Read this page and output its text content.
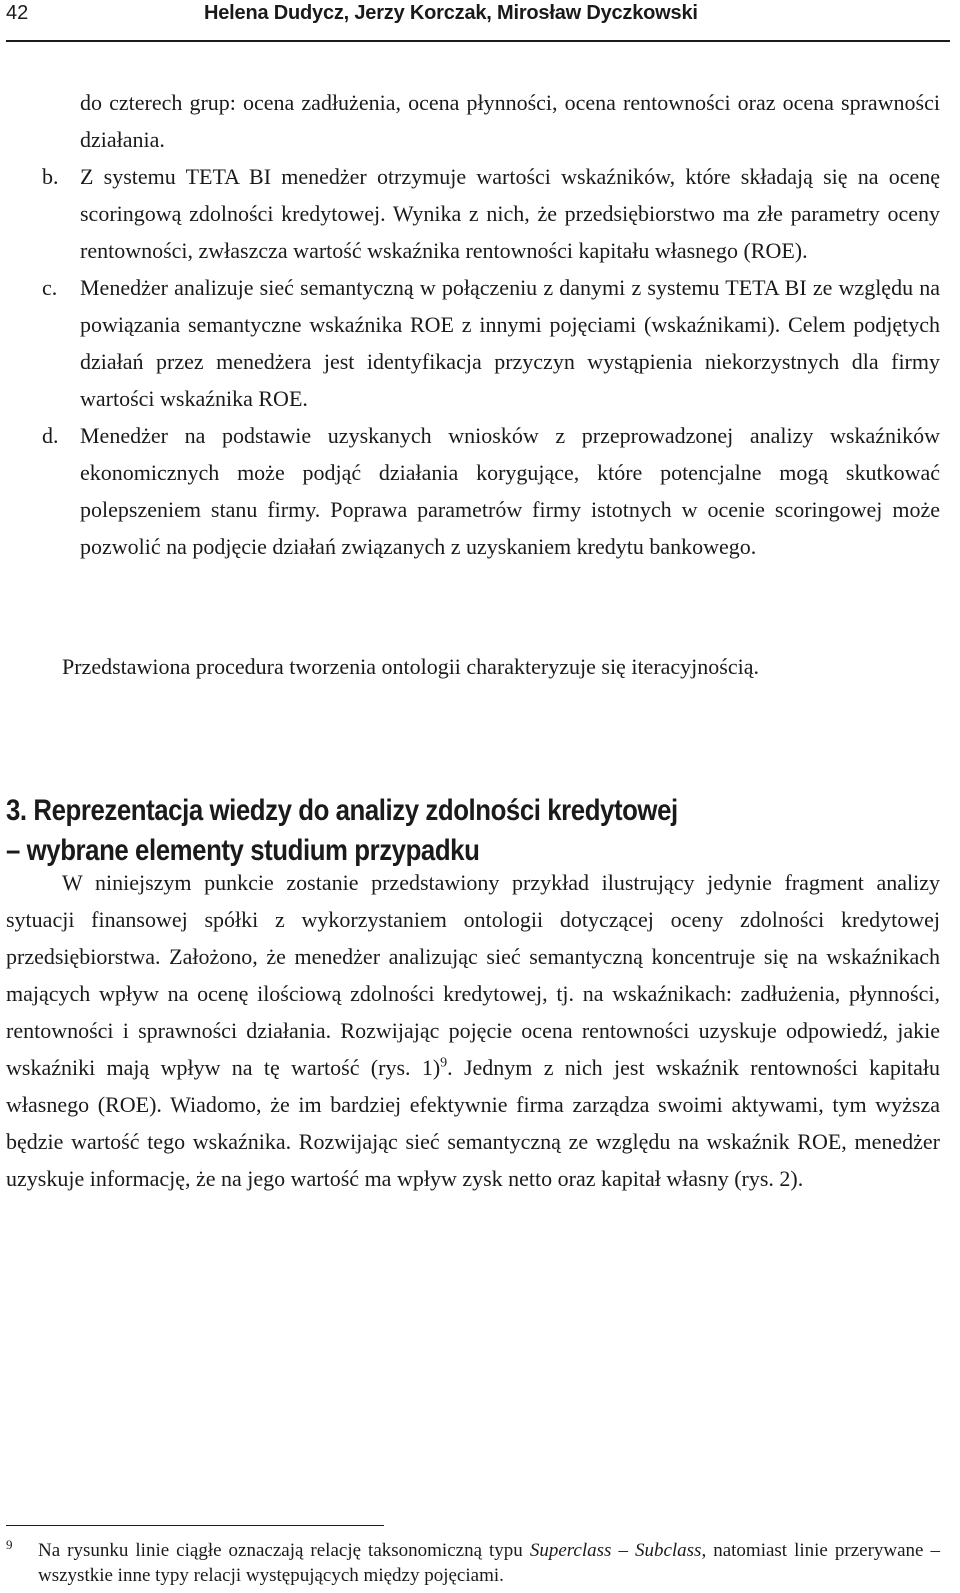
42	Helena Dudycz, Jerzy Korczak, Mirosław Dyczkowski

do czterech grup: ocena zadłużenia, ocena płynności, ocena rentowności oraz ocena sprawności działania.

b. Z systemu TETA BI menedżer otrzymuje wartości wskaźników, które składają się na ocenę scoringową zdolności kredytowej. Wynika z nich, że przedsiębiorstwo ma złe parametry oceny rentowności, zwłaszcza wartość wskaźnika rentowności kapitału własnego (ROE).

c. Menedżer analizuje sieć semantyczną w połączeniu z danymi z systemu TETA BI ze względu na powiązania semantyczne wskaźnika ROE z innymi pojęciami (wskaźnikami). Celem podjętych działań przez menedżera jest identyfikacja przyczyn wystąpienia niekorzystnych dla firmy wartości wskaźnika ROE.

d. Menedżer na podstawie uzyskanych wniosków z przeprowadzonej analizy wskaźników ekonomicznych może podjąć działania korygujące, które potencjalne mogą skutkować polepszeniem stanu firmy. Poprawa parametrów firmy istotnych w ocenie scoringowej może pozwolić na podjęcie działań związanych z uzyskaniem kredytu bankowego.

Przedstawiona procedura tworzenia ontologii charakteryzuje się iteracyjnością.
3. Reprezentacja wiedzy do analizy zdolności kredytowej
– wybrane elementy studium przypadku

W niniejszym punkcie zostanie przedstawiony przykład ilustrujący jedynie fragment analizy sytuacji finansowej spółki z wykorzystaniem ontologii dotyczącej oceny zdolności kredytowej przedsiębiorstwa. Założono, że menedżer analizując sieć semantyczną koncentruje się na wskaźnikach mających wpływ na ocenę ilościową zdolności kredytowej, tj. na wskaźnikach: zadłużenia, płynności, rentowności i sprawności działania. Rozwijając pojęcie ocena rentowności uzyskuje odpowiedź, jakie wskaźniki mają wpływ na tę wartość (rys. 1)$^9$. Jednym z nich jest wskaźnik rentowności kapitału własnego (ROE). Wiadomo, że im bardziej efektywnie firma zarządza swoimi aktywami, tym wyższa będzie wartość tego wskaźnika. Rozwijając sieć semantyczną ze względu na wskaźnik ROE, menedżer uzyskuje informację, że na jego wartość ma wpływ zysk netto oraz kapitał własny (rys. 2).

9 Na rysunku linie ciągłe oznaczają relację taksonomiczną typu Superclass – Subclass, natomiast linie przerywane – wszystkie inne typy relacji występujących między pojęciami.
